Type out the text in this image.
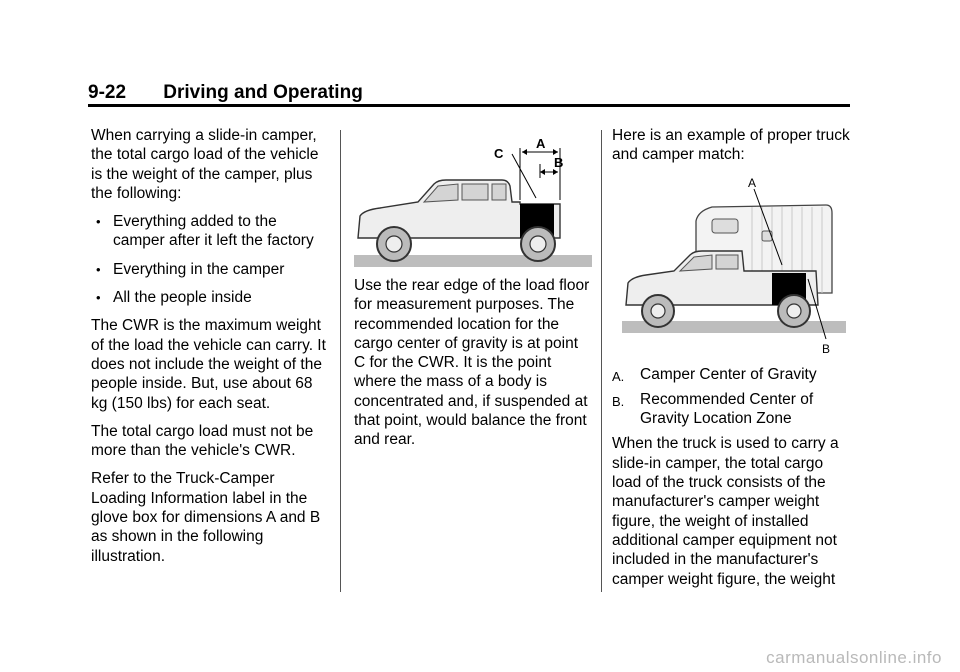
9-22 Driving and Operating

When carrying a slide-in camper, the total cargo load of the vehicle is the weight of the camper, plus the following:

• Everything added to the camper after it left the factory
• Everything in the camper
• All the people inside

The CWR is the maximum weight of the load the vehicle can carry. It does not include the weight of the people inside. But, use about 68 kg (150 lbs) for each seat.

The total cargo load must not be more than the vehicle's CWR.

Refer to the Truck-Camper Loading Information label in the glove box for dimensions A and B as shown in the following illustration.

C
A
B

Use the rear edge of the load floor for measurement purposes. The recommended location for the cargo center of gravity is at point C for the CWR. It is the point where the mass of a body is concentrated and, if suspended at that point, would balance the front and rear.

Here is an example of proper truck and camper match:

A
B
A. Camper Center of Gravity
B. Recommended Center of Gravity Location Zone

When the truck is used to carry a slide-in camper, the total cargo load of the truck consists of the manufacturer's camper weight figure, the weight of installed additional camper equipment not included in the manufacturer's camper weight figure, the weight

carmanualsonline.info
